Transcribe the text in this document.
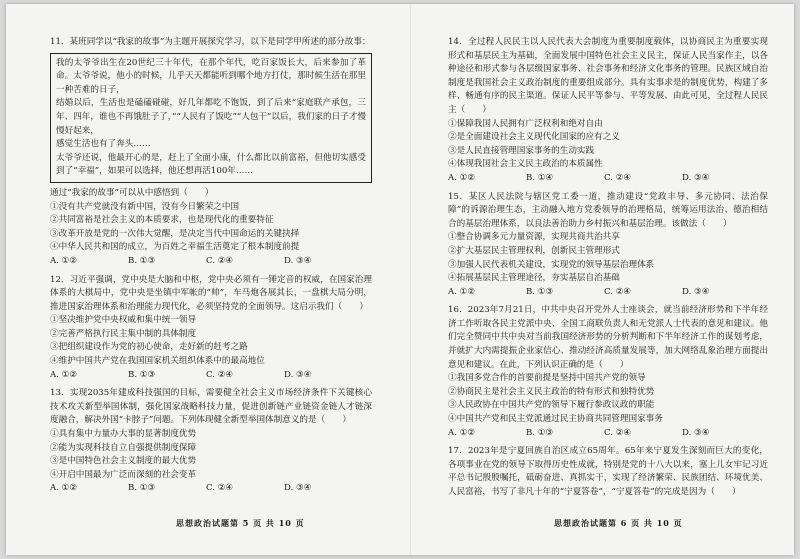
11．某班同学以“我家的故事”为主题开展探究学习，以下是同学甲所述的部分故事：
我的太爷爷出生在20世纪三十年代，在那个年代，吃百家饭长大，后来参加了革命。太爷爷说，他小的时候，儿乎天天都能听到哪个地方打仗，那时候生活在那里一种苦难的日子，
结婚以后，生活也是磕磕碰碰，好几年都吃不饱饭，到了后来“家庭联产承包，三年、四年，谁也不再饿肚子了，”“人民有了饭吃”“人包干”以后，我们家的日子才慢慢好起来，
感觉生活也有了奔头……
太爷爷还说，他最开心的是，赶上了全面小康，什么都比以前富裕，但他切实感受到了“幸福”，如果可以选择，他还想再活100年……
通过“我家的故事”可以从中感悟到（　　）
①没有共产党就没有新中国，没有今日繁荣之中国
②共同富裕是社会主义的本质要求，也是现代化的重要特征
③改革开放是党的一次伟大觉醒，是决定当代中国命运的关键抉择
④中华人民共和国的成立，为百姓之幸福生活奠定了根本制度前提
A. ①②	B. ①③	C. ②④	D. ③④
12．习近平强调，党中央是大脑和中枢，党中央必须有一锤定音的权威，在国家治理体系的大棋局中，党中央是坐镇中军帐的“帅”，车马炮各展其长，一盘棋大局分明，推进国家治理体系和治理能力现代化，必须坚持党的全面领导。这启示我们（　　）
①坚决维护党中央权威和集中统一领导
②完善严格执行民主集中制的具体制度
③把组织建设作为党的初心使命，走好新的赶考之路
④维护中国共产党在我国国家机关组织体系中的最高地位
A. ①②	B. ①③	C. ②④	D. ③④
13．实现2035年建成科技强国的目标，需要健全社会主义市场经济条件下关键核心技术攻关新型举国体制，强化国家战略科技力量，促进创新链产业链资金链人才链深度融合，解决外国“卡脖子”问题。下列体现健全新型举国体制意义的是（　　）
①具有集中力量办大事的显著制度优势
②能为实现科技自立自强提供制度保障
③是中国特色社会主义制度的最大优势
④开启中国最为广泛而深刻的社会变革
A. ①②	B. ①③	C. ②④	D. ③④
思想政治试题第 5 页 共 10 页
14．全过程人民民主以人民代表大会制度为重要制度载体，以协商民主为重要实现形式和基层民主为基础，全面发展中国特色社会主义民主，保证人民当家作主，以各种途径和形式参与各层级国家事务、社会事务和经济文化事务的管理。民族区域自治制度是我国社会主义政治制度的重要组成部分。具有实事求是的制度优势，构建了多样、畅通有序的民主渠道。保证人民平等参与、平等发展、由此可见，全过程人民民主（　　）
①保障我国人民拥有广泛权利和绝对自由
②是全面建设社会主义现代化国家的应有之义
③是人民直接管理国家事务的生动实践
④体现我国社会主义民主政治的本质属性
A. ①②	B. ①④	C. ②④	D. ③④
15．某区人民法院与辖区党工委一道，推动建设“党政丰导、多元协同、法治保障”的诉源治理生态，主动融入地方党委领导的治理格局，统筹运用法治、德治相结合的基层治理体系，以良法善治助力乡村振兴和基层治理。该做法（　　）
①整合协调多元力量资源，实现共商共治共享
②扩大基层民主管理权利，创新民主管理形式
③加强人民代表机关建设，实现党的领导基层治理体系
④拓展基层民主管理途径，夯实基层自治基础
A. ①②	B. ①③	C. ②④	D. ③④
16．2023年7月21日，中共中央召开党外人士座谈会，就当前经济形势和下半年经济工作听取各民主党派中央、全国工商联负责人和无党派人士代表的意见和建议。他们完全赞同中共中央对当前我国经济形势的分析判断和下半年经济工作的谋划考虑，并就扩大内需提振企业家信心、推动经济高质量发展等，加大网络乱象治理方面提出意见和建议。在此，下列认识正确的是（　　）
①我国多党合作的首要前提是坚持中国共产党的领导
②协商民主是社会主义民主政治的特有形式和独特优势
③人民政协在中国共产党的领导下履行参政议政的职能
④中国共产党和民主党派通过民主协商共同管理国家事务
A. ①②	B. ①③	C. ②④	D. ③④
17．2023年是宁夏回族自治区成立65周年。65年来宁夏发生深刻而巨大的变化，各项事业在党的领导下取得历史性成就，特别是党的十八大以来，塞上儿女牢记习近平总书记殷殷嘱托，砥砺奋进、真抓实干，实现了经济繁荣、民族团结、环境优美、人民富裕，书写了非凡十年的“宁夏答卷”，“宁夏答卷”的完成是因为（　　）
思想政治试题第 6 页 共 10 页
